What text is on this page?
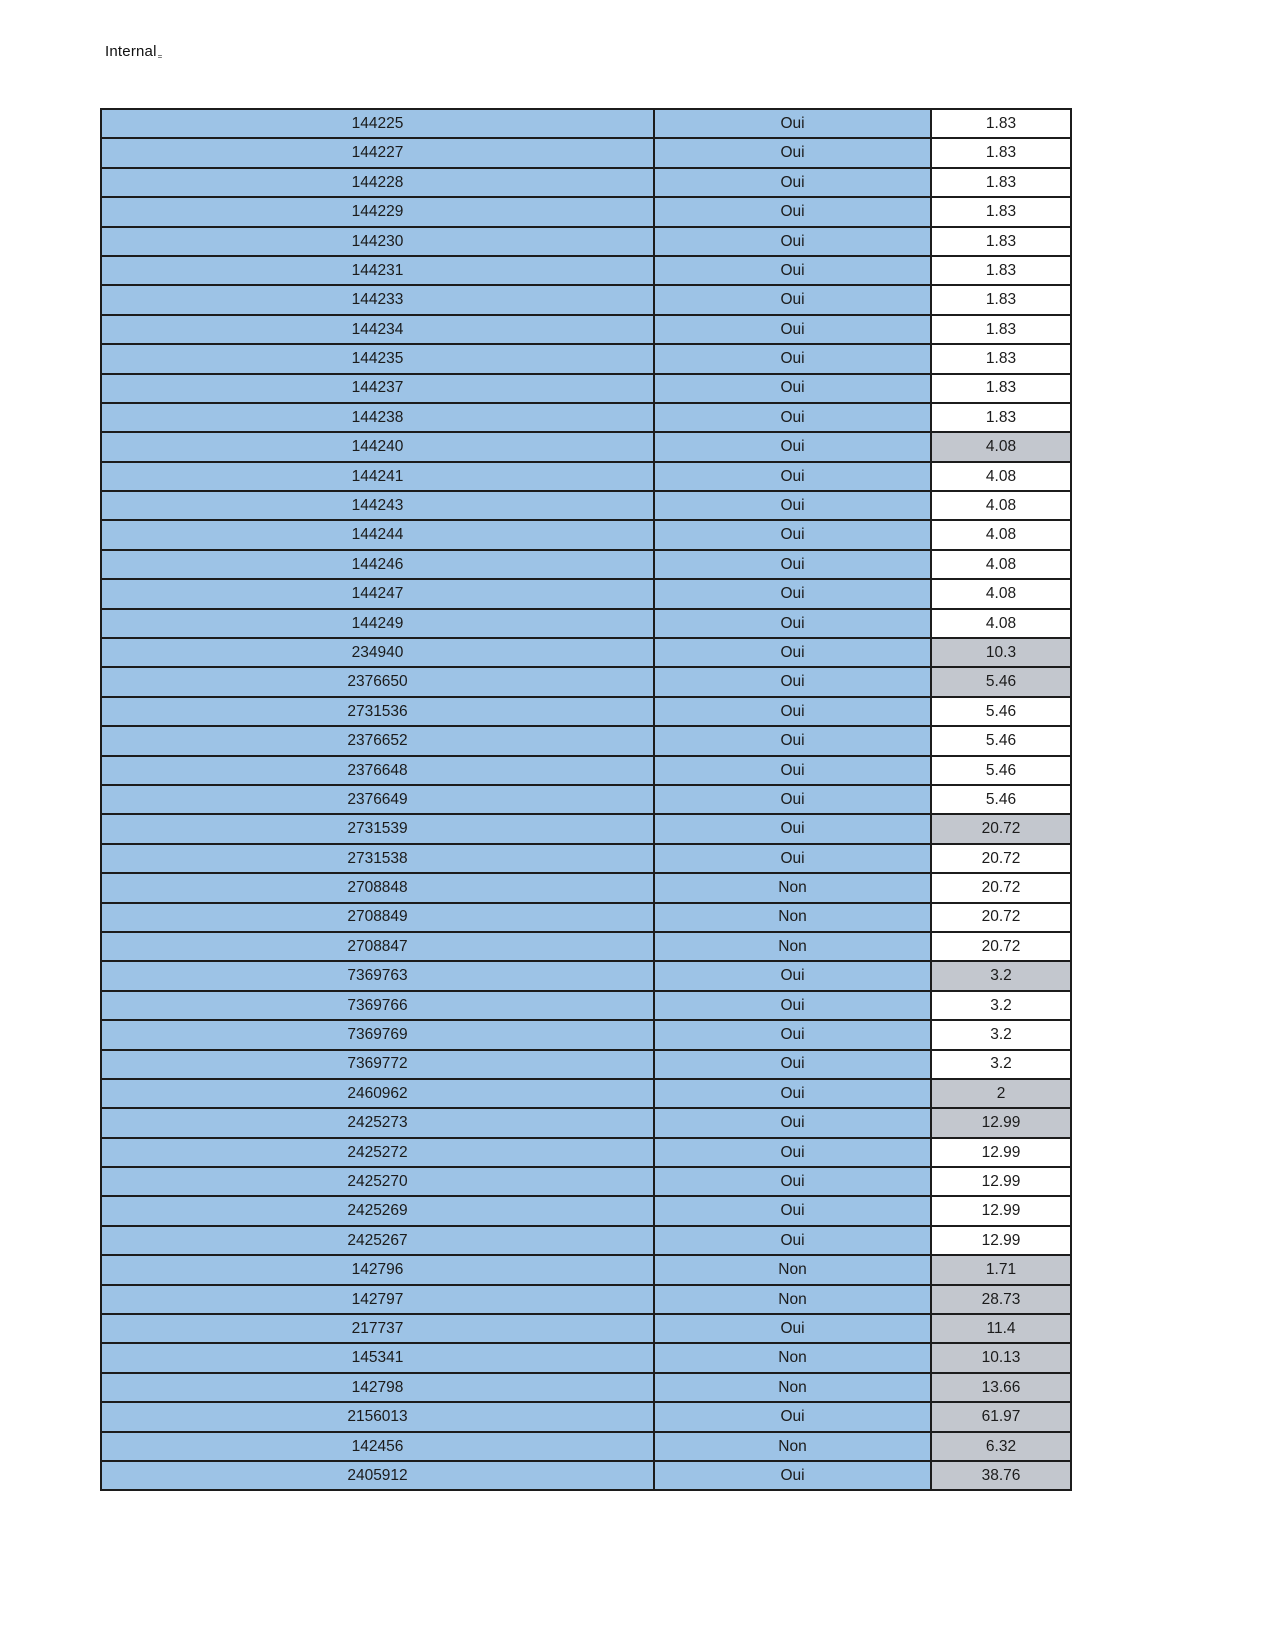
Internal$_=$
144225	Oui	1.83
144227	Oui	1.83
144228	Oui	1.83
144229	Oui	1.83
144230	Oui	1.83
144231	Oui	1.83
144233	Oui	1.83
144234	Oui	1.83
144235	Oui	1.83
144237	Oui	1.83
144238	Oui	1.83
144240	Oui	4.08
144241	Oui	4.08
144243	Oui	4.08
144244	Oui	4.08
144246	Oui	4.08
144247	Oui	4.08
144249	Oui	4.08
234940	Oui	10.3
2376650	Oui	5.46
2731536	Oui	5.46
2376652	Oui	5.46
2376648	Oui	5.46
2376649	Oui	5.46
2731539	Oui	20.72
2731538	Oui	20.72
2708848	Non	20.72
2708849	Non	20.72
2708847	Non	20.72
7369763	Oui	3.2
7369766	Oui	3.2
7369769	Oui	3.2
7369772	Oui	3.2
2460962	Oui	2
2425273	Oui	12.99
2425272	Oui	12.99
2425270	Oui	12.99
2425269	Oui	12.99
2425267	Oui	12.99
142796	Non	1.71
142797	Non	28.73
217737	Oui	11.4
145341	Non	10.13
142798	Non	13.66
2156013	Oui	61.97
142456	Non	6.32
2405912	Oui	38.76
